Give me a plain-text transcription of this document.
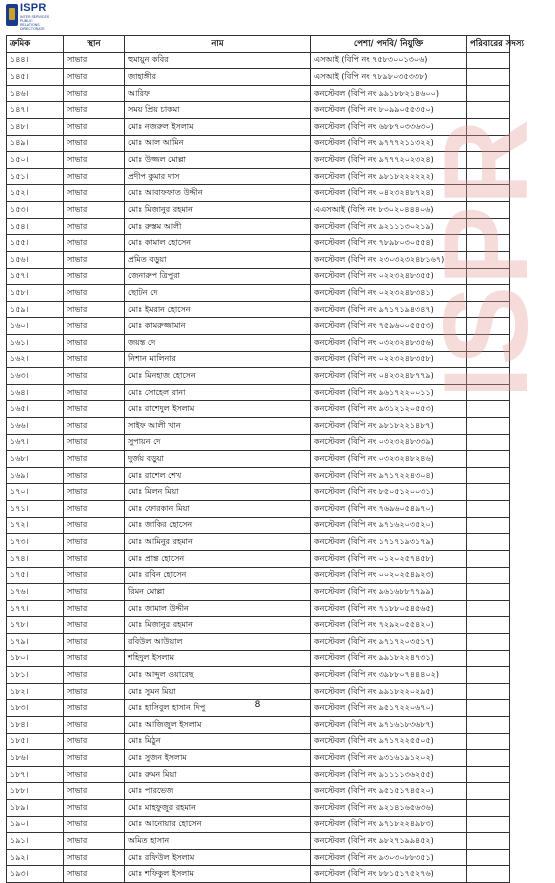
ISPR
INTER SERVICES PUBLIC RELATIONS DIRECTORATE
ক্রমিক	স্থান	নাম	পেশা/ পদবি/ নিযুক্তি	পরিবারের সদস্য
১৪৪।	সাভার	হুমায়ুন কবির	এসআই (বিপি নং ৭৫৮৩০০১৩০৬)	
১৪৫।	সাভার	জাহাঙ্গীর	এসআই (বিপি নং ৭৮৯৮০৩৫৩৩৮)	
১৪৬।	সাভার	আরিফ	কনস্টেবল (বিপি নং ৯৯১৮৮২১৪৬০০)	
১৪৭।	সাভার	সময় প্রিয় চাকমা	কনস্টেবল (বিপি নং ৮০৯৯০৫৫৩৫০)	
১৪৮।	সাভার	মোঃ নজরুল ইসলাম	কনস্টেবল (বিপি নং ৬৮৮৭০৩৩৬৩০)	
১৪৯।	সাভার	মোঃ আল আমিন	কনস্টেবল (বিপি নং ৯৭৭৭২১১৩২২)	
১৫০।	সাভার	মোঃ উজ্জল মোল্লা	কনস্টেবল (বিপি নং ৯৭৭৭২০২৩২৪)	
১৫১।	সাভার	প্রদীপ কুমার দাস	কনস্টেবল (বিপি নং ৯৮১৮২২২২২২)	
১৫২।	সাভার	মোঃ আবাফফাত উদ্দীন	কনস্টেবল (বিপি নং ০৪২৩২৪৮৭২৪)	
১৫৩।	সাভার	মোঃ মিজানুর রহমান	এএসআই (বিপি নং ৮৩০২০৪৪৪০৬)	
১৫৪।	সাভার	মোঃ রুস্তম আলী	কনস্টেবল (বিপি নং ৯২১১১৩০২১৯)	
১৫৫।	সাভার	মোঃ কামাল হোসেন	কনস্টেবল (বিপি নং ৭৮৯৮০৩০৫৫৪)	
১৫৬।	সাভার	প্রমিত বড়ুয়া	কনস্টেবল (বিপি নং ২৩০৩২৩২৪৮১৬৭)	
১৫৭।	সাভার	জেনারুপ ত্রিপুরা	কনস্টেবল (বিপি নং ০২২৩২৪৮৩৫৫)	
১৫৮।	সাভার	ছোটন দে	কনস্টেবল (বিপি নং ০২২৩২৪৮৩৪১)	
১৫৯।	সাভার	মোঃ ইমরান হোসেন	কনস্টেবল (বিপি নং ৯৭১৭১৯৪৩৪৭)	
১৬০।	সাভার	মোঃ কামরুজ্জামান	কনস্টেবল (বিপি নং ৭৫৯৬০০৫৫৫৩)	
১৬১।	সাভার	জয়ন্ত দে	কনস্টেবল (বিপি নং ০৩২৩২৪৮৩৫৬)	
১৬২।	সাভার	নিশান মালিনার	কনস্টেবল (বিপি নং ০২২৩২৪৮৩৫৮)	
১৬৩।	সাভার	মোঃ মিনহাজ হোসেন	কনস্টেবল (বিপি নং ০৪২৩২৪৮৭৭৯)	
১৬৪।	সাভার	মোঃ সোহেল রানা	কনস্টেবল (বিপি নং ৯৬১৭২২০০১১)	
১৬৫।	সাভার	মোঃ রাশেদুল ইসলাম	কনস্টেবল (বিপি নং ৯৩১২১২০৫৫৩)	
১৬৬।	সাভার	সাইফ আলী খান	কনস্টেবল (বিপি নং ৯৮১৮২২১৪৮৭)	
১৬৭।	সাভার	সুপায়ন দে	কনস্টেবল (বিপি নং ০৩২৩২৪৮৩৩৯)	
১৬৮।	সাভার	দুর্জয় বড়ুয়া	কনস্টেবল (বিপি নং ০৩২৩২৪৮২৪৬)	
১৬৯।	সাভার	মোঃ রাশেল শেখ	কনস্টেবল (বিপি নং ৯৭১৭২২৪৩০৪)	
১৭০।	সাভার	মোঃ মিলন মিয়া	কনস্টেবল (বিপি নং ৮৫০৫১২০০৩১)	
১৭১।	সাভার	মোঃ ফোরকান মিয়া	কনস্টেবল (বিপি নং ৭৬৯৬০৫৪৯৭০)	
১৭২।	সাভার	মোঃ জাকির হোসেন	কনস্টেবল (বিপি নং ৯৭১৬২০৩৫২০)	
১৭৩।	সাভার	মোঃ আমিনুর রহমান	কনস্টেবল (বিপি নং ১৭১৭১৯৩১৭৯)	
১৭৪।	সাভার	মোঃ প্রান্ত হোসেন	কনস্টেবল (বিপি নং ০১২০২৫৭৪৫৮)	
১৭৫।	সাভার	মোঃ রবিন হোসেন	কনস্টেবল (বিপি নং ০০২০২৫৪৯২৩)	
১৭৬।	সাভার	রিমন মোল্লা	কনস্টেবল (বিপি নং ৯৬১৬৮৮৭৭৯৯)	
১৭৭।	সাভার	মোঃ জামাল উদ্দীন	কনস্টেবল (বিপি নং ৭১৮৮০৫৪৫৬৫)	
১৭৮।	সাভার	মোঃ মিজানুর রহমান	কনস্টেবল (বিপি নং ৭২৯২০৫৫৪২০)	
১৭৯।	সাভার	রবিউল আউয়াল	কনস্টেবল (বিপি নং ৯৭১৭২০৩৫১৭)	
১৮০।	সাভার	শহিদুল ইসলাম	কনস্টেবল (বিপি নং ৯৯১৮২২৪৭৩১)	
১৮১।	সাভার	মোঃ আব্দুল ওয়ারেছ	কনস্টেবল (বিপি নং ৩৯৮৮০৭৪৪৪০২)	
১৮২।	সাভার	মোঃ সুমন মিয়া	কনস্টেবল (বিপি নং ৯৯১৮২২০২৯৫)	
১৮৩।	সাভার	মোঃ হাসিবুল হাসান দিপু	কনস্টেবল (বিপি নং ৯৫১৭২২০৬৭০)	
১৮৪।	সাভার	মোঃ আজিজুল ইসলাম	কনস্টেবল (বিপি নং ৯৭১৬১৮৩৬৮৭)	
১৮৫।	সাভার	মোঃ মিঠুন	কনস্টেবল (বিপি নং ৯৭১৭২২৫৫০৫)	
১৮৬।	সাভার	মোঃ সুজন ইসলাম	কনস্টেবল (বিপি নং ৯৩১৬১৯১২০২)	
১৮৭।	সাভার	মোঃ রুমন মিয়া	কনস্টেবল (বিপি নং ৯১১১১৩৬২৫৫)	
১৮৮।	সাভার	মোঃ পারভেজ	কনস্টেবল (বিপি নং ৯৫১৫১৭৪৫২০)	
১৮৯।	সাভার	মোঃ মাহফুজুর রহমান	কনস্টেবল (বিপি নং ৯২১৪১৬৫৬৩৬)	
১৯০।	সাভার	মোঃ আনোয়ার হোসেন	কনস্টেবল (বিপি নং ৯৭১৮২২৪৯৮৩)	
১৯১।	সাভার	অমিত হাসান	কনস্টেবল (বিপি নং ৯৮২৭১৯৯৪৫২)	
১৯২।	সাভার	মোঃ রফিউল ইসলাম	কনস্টেবল (বিপি নং ৯৩০৩০৮৮৩৫১)	
১৯৩।	সাভার	মোঃ শফিকুল ইসলাম	কনস্টেবল (বিপি নং ৮৮১৫১৭৫২৭৬)	
ISPR
8
